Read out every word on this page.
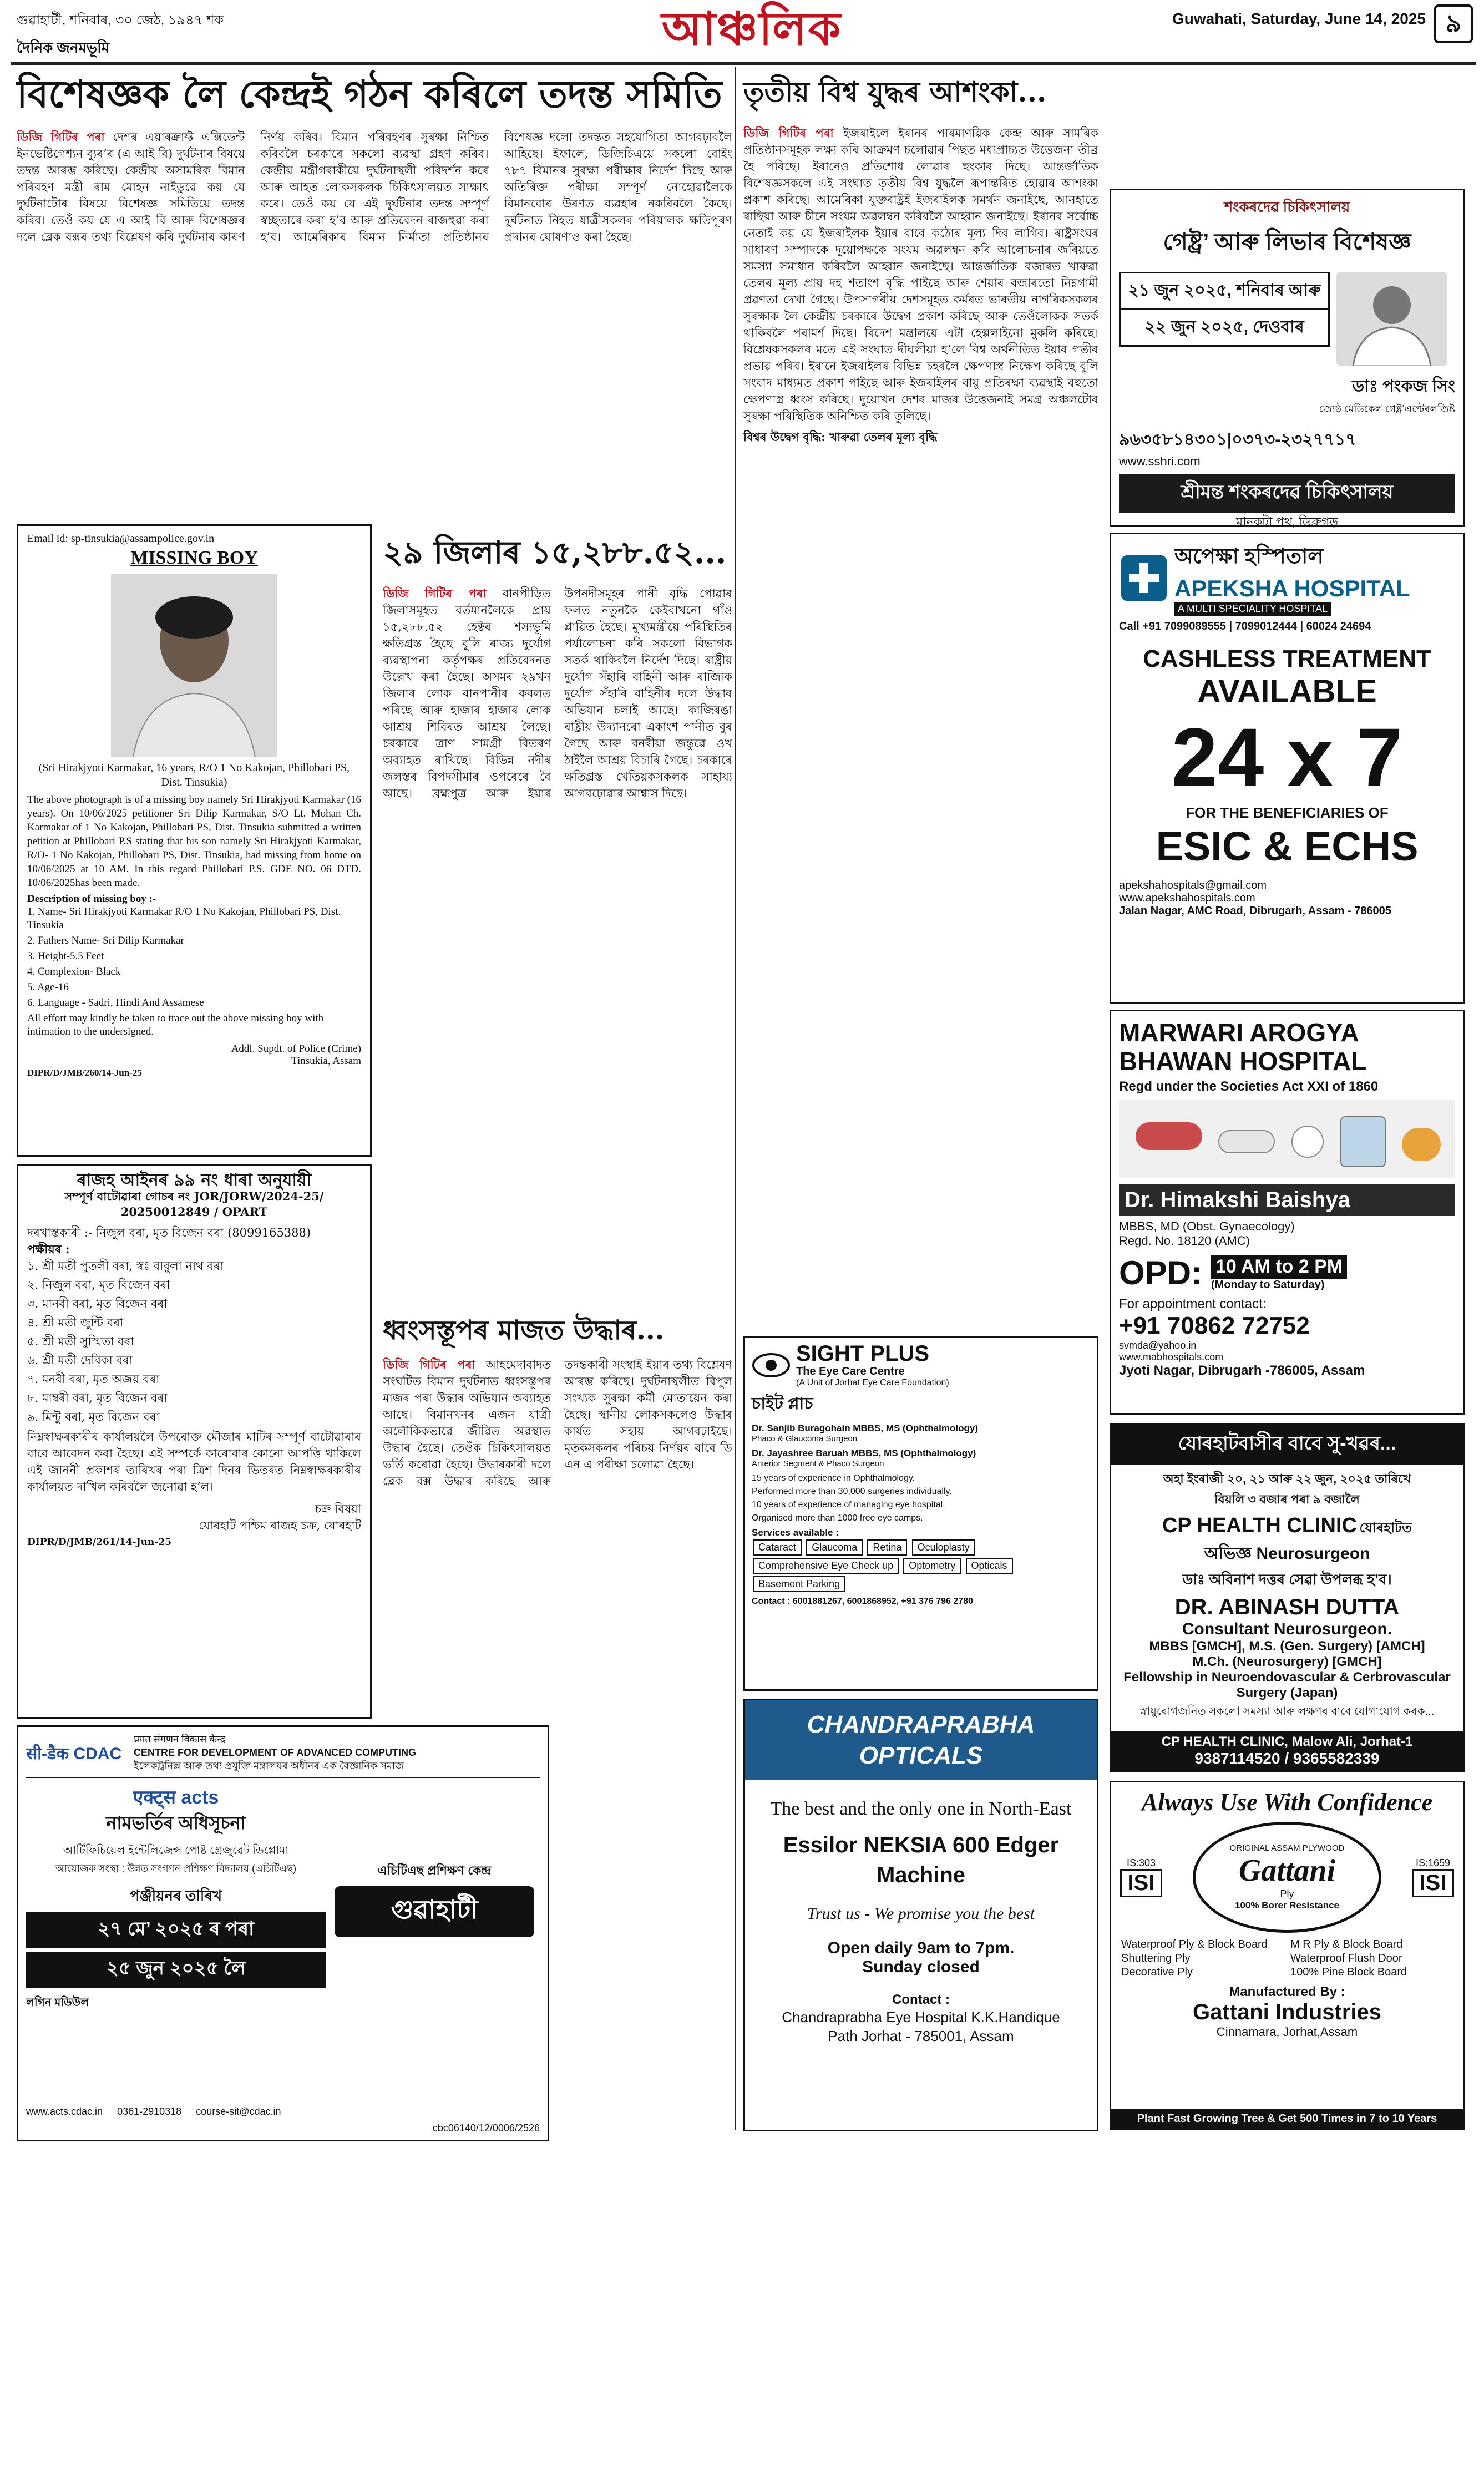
গুৱাহাটী, শনিবাৰ, ৩০ জেঠ, ১৯৪৭ শক	আঞ্চলিক	Guwahati, Saturday, June 14, 2025 ৯
দৈনিক জনমভূমি
বিশেষজ্ঞক লৈ কেন্দ্ৰই গঠন কৰিলে তদন্ত সমিতি
ডিজি গিটিৰ পৰা দেশৰ এয়াৰক্ৰাফ্ট এক্সিডেন্ট ইনভেষ্টিগেশ্যন ব্যুৰ’ৰ (এ আই বি) দুৰ্ঘটনাৰ বিষয়ে তদন্ত আৰম্ভ কৰিছে। কেন্দ্ৰীয় অসামৰিক বিমান পৰিবহণ মন্ত্ৰী ৰাম মোহন নাইডুৱে কয় যে দুৰ্ঘটনাটোৰ বিষয়ে বিশেষজ্ঞ সমিতিয়ে তদন্ত কৰিব। তেওঁ কয় যে এ আই বি আৰু বিশেষজ্ঞৰ দলে ব্লেক বক্সৰ তথ্য বিশ্লেষণ কৰি দুৰ্ঘটনাৰ কাৰণ নিৰ্ণয় কৰিব। বিমান পৰিবহণৰ সুৰক্ষা নিশ্চিত কৰিবলৈ চৰকাৰে সকলো ব্যৱস্থা গ্ৰহণ কৰিব। কেন্দ্ৰীয় মন্ত্ৰীগৰাকীয়ে দুৰ্ঘটনাস্থলী পৰিদৰ্শন কৰে আৰু আহত লোকসকলক চিকিৎসালয়ত সাক্ষাৎ কৰে। তেওঁ কয় যে এই দুৰ্ঘটনাৰ তদন্ত সম্পূৰ্ণ স্বচ্ছতাৰে কৰা হ’ব আৰু প্ৰতিবেদন ৰাজহুৱা কৰা হ’ব। আমেৰিকাৰ বিমান নিৰ্মাতা প্ৰতিষ্ঠানৰ বিশেষজ্ঞ দলো তদন্তত সহযোগিতা আগবঢ়াবলৈ আহিছে। ইফালে, ডিজিচিএয়ে সকলো বোইং ৭৮৭ বিমানৰ সুৰক্ষা পৰীক্ষাৰ নিৰ্দেশ দিছে আৰু অতিৰিক্ত পৰীক্ষা সম্পূৰ্ণ নোহোৱালৈকে বিমানবোৰ উৰণত ব্যৱহাৰ নকৰিবলৈ কৈছে। দুৰ্ঘটনাত নিহত যাত্ৰীসকলৰ পৰিয়ালক ক্ষতিপূৰণ প্ৰদানৰ ঘোষণাও কৰা হৈছে।
Email id: sp-tinsukia@assampolice.gov.in
MISSING BOY
(Sri Hirakjyoti Karmakar, 16 years, R/O 1 No Kakojan, Phillobari PS, Dist. Tinsukia)
The above photograph is of a missing boy namely Sri Hirakjyoti Karmakar (16 years). On 10/06/2025 petitioner Sri Dilip Karmakar, S/O Lt. Mohan Ch. Karmakar of 1 No Kakojan, Phillobari PS, Dist. Tinsukia submitted a written petition at Phillobari P.S stating that his son namely Sri Hirakjyoti Karmakar, R/O- 1 No Kakojan, Phillobari PS, Dist. Tinsukia, had missing from home on 10/06/2025 at 10 AM. In this regard Phillobari P.S. GDE NO. 06 DTD. 10/06/2025has been made.
Description of missing boy :-
1. Name- Sri Hirakjyoti Karmakar R/O 1 No Kakojan, Phillobari PS, Dist. Tinsukia
2. Fathers Name- Sri Dilip Karmakar
3. Height-5.5 Feet
4. Complexion- Black
5. Age-16
6. Language - Sadri, Hindi And Assamese
All effort may kindly be taken to trace out the above missing boy with intimation to the undersigned.
Addl. Supdt. of Police (Crime)
Tinsukia, Assam
DIPR/D/JMB/260/14-Jun-25
ৰাজহ আইনৰ ৯৯ নং ধাৰা অনুযায়ী
সম্পূৰ্ণ বাটোৱাৰা গোচৰ নং JOR/JORW/2024-25/ 20250012849 / OPART
দৰখাস্তকাৰী :- নিজুল বৰা, মৃত বিজেন বৰা (8099165388)
পক্ষীয়ৰ :
১. শ্ৰী মতী পুতলী বৰা, স্বঃ বাবুলা নাথ বৰা
২. নিজুল বৰা, মৃত বিজেন বৰা
৩. মানবী বৰা, মৃত বিজেন বৰা
৪. শ্ৰী মতী জুন্টি বৰা
৫. শ্ৰী মতী সুস্মিতা বৰা
৬. শ্ৰী মতী দেবিকা বৰা
৭. মনবী বৰা, মৃত অজয় বৰা
৮. মাম্বৰী বৰা, মৃত বিজেন বৰা
৯. মিন্টু বৰা, মৃত বিজেন বৰা
নিম্নস্বাক্ষৰকাৰীৰ কাৰ্যালয়লৈ উপৰোক্ত মৌজাৰ মাটিৰ সম্পূৰ্ণ বাটোৱাৰাৰ বাবে আবেদন কৰা হৈছে। এই সম্পৰ্কে কাৰোবাৰ কোনো আপত্তি থাকিলে এই জাননী প্ৰকাশৰ তাৰিখৰ পৰা ত্ৰিশ দিনৰ ভিতৰত নিম্নস্বাক্ষৰকাৰীৰ কাৰ্যালয়ত দাখিল কৰিবলৈ জনোৱা হ’ল।
চক্ৰ বিষয়া
যোৰহাট পশ্চিম ৰাজহ চক্ৰ, যোৰহাট
DIPR/D/JMB/261/14-Jun-25
২৯ জিলাৰ ১৫,২৮৮.৫২...
ডিজি গিটিৰ পৰা বানপীড়িত জিলাসমূহত বৰ্তমানলৈকে প্ৰায় ১৫,২৮৮.৫২ হেক্টৰ শস্যভূমি ক্ষতিগ্ৰস্ত হৈছে বুলি ৰাজ্য দুৰ্যোগ ব্যৱস্থাপনা কৰ্তৃপক্ষৰ প্ৰতিবেদনত উল্লেখ কৰা হৈছে। অসমৰ ২৯খন জিলাৰ লোক বানপানীৰ কবলত পৰিছে আৰু হাজাৰ হাজাৰ লোক আশ্ৰয় শিবিৰত আশ্ৰয় লৈছে। চৰকাৰে ত্ৰাণ সামগ্ৰী বিতৰণ অব্যাহত ৰাখিছে। বিভিন্ন নদীৰ জলস্তৰ বিপদসীমাৰ ওপৰেৰে বৈ আছে। ব্ৰহ্মপুত্ৰ আৰু ইয়াৰ উপনদীসমূহৰ পানী বৃদ্ধি পোৱাৰ ফলত নতুনকৈ কেইবাখনো গাঁও প্লাৱিত হৈছে। মুখ্যমন্ত্ৰীয়ে পৰিস্থিতিৰ পৰ্যালোচনা কৰি সকলো বিভাগক সতৰ্ক থাকিবলৈ নিৰ্দেশ দিছে। ৰাষ্ট্ৰীয় দুৰ্যোগ সঁহাৰি বাহিনী আৰু ৰাজ্যিক দুৰ্যোগ সঁহাৰি বাহিনীৰ দলে উদ্ধাৰ অভিযান চলাই আছে। কাজিৰঙা ৰাষ্ট্ৰীয় উদ্যানৰো একাংশ পানীত বুৰ গৈছে আৰু বনৰীয়া জন্তুৱে ওখ ঠাইলৈ আশ্ৰয় বিচাৰি গৈছে। চৰকাৰে ক্ষতিগ্ৰস্ত খেতিয়কসকলক সাহায্য আগবঢ়োৱাৰ আশ্বাস দিছে।
ধ্বংসস্তূপৰ মাজত উদ্ধাৰ...
ডিজি গিটিৰ পৰা আহমেদাবাদত সংঘটিত বিমান দুৰ্ঘটনাত ধ্বংসস্তূপৰ মাজৰ পৰা উদ্ধাৰ অভিযান অব্যাহত আছে। বিমানখনৰ এজন যাত্ৰী অলৌকিকভাৱে জীৱিত অৱস্থাত উদ্ধাৰ হৈছে। তেওঁক চিকিৎসালয়ত ভৰ্তি কৰোৱা হৈছে। উদ্ধাৰকাৰী দলে ব্লেক বক্স উদ্ধাৰ কৰিছে আৰু তদন্তকাৰী সংস্থাই ইয়াৰ তথ্য বিশ্লেষণ আৰম্ভ কৰিছে। দুৰ্ঘটনাস্থলীত বিপুল সংখ্যক সুৰক্ষা কৰ্মী মোতায়েন কৰা হৈছে। স্থানীয় লোকসকলেও উদ্ধাৰ কাৰ্যত সহায় আগবঢ়াইছে। মৃতকসকলৰ পৰিচয় নিৰ্ণয়ৰ বাবে ডি এন এ পৰীক্ষা চলোৱা হৈছে।
सी-डैक CDAC
प्रगत संगणन विकास केन्द्र
CENTRE FOR DEVELOPMENT OF ADVANCED COMPUTING
ইলেকট্ৰনিক্স আৰু তথ্য প্ৰযুক্তি মন্ত্ৰালয়ৰ অধীনৰ এক বৈজ্ঞানিক সমাজ
एक्ट्स acts
নামভৰ্তিৰ অধিসূচনা
আৰ্টিফিচিয়েল ইন্টেলিজেন্স পোষ্ট গ্ৰেজুৱেট ডিপ্লোমা
আয়োজক সংস্থা : উন্নত সংগণন প্ৰশিক্ষণ বিদ্যালয় (এচিটিএছ)
পঞ্জীয়নৰ তাৰিখ
২৭ মে’ ২০২৫ ৰ পৰা
২৫ জুন ২০২৫ লৈ
লগিন মডিউল
এচিটিএছ প্ৰশিক্ষণ কেন্দ্ৰ
গুৱাহাটী
www.acts.cdac.in 0361-2910318 course-sit@cdac.in
cbc06140/12/0006/2526
তৃতীয় বিশ্ব যুদ্ধৰ আশংকা...
ডিজি গিটিৰ পৰা ইজৰাইলে ইৰানৰ পাৰমাণৱিক কেন্দ্ৰ আৰু সামৰিক প্ৰতিষ্ঠানসমূহক লক্ষ্য কৰি আক্ৰমণ চলোৱাৰ পিছত মধ্যপ্ৰাচ্যত উত্তেজনা তীব্ৰ হৈ পৰিছে। ইৰানেও প্ৰতিশোধ লোৱাৰ হুংকাৰ দিছে। আন্তৰ্জাতিক বিশেষজ্ঞসকলে এই সংঘাত তৃতীয় বিশ্ব যুদ্ধলৈ ৰূপান্তৰিত হোৱাৰ আশংকা প্ৰকাশ কৰিছে। আমেৰিকা যুক্তৰাষ্ট্ৰই ইজৰাইলক সমৰ্থন জনাইছে, আনহাতে ৰাছিয়া আৰু চীনে সংযম অৱলম্বন কৰিবলৈ আহ্বান জনাইছে। ইৰানৰ সৰ্বোচ্চ নেতাই কয় যে ইজৰাইলক ইয়াৰ বাবে কঠোৰ মূল্য দিব লাগিব। ৰাষ্ট্ৰসংঘৰ সাধাৰণ সম্পাদকে দুয়োপক্ষকে সংযম অৱলম্বন কৰি আলোচনাৰ জৰিয়তে সমস্যা সমাধান কৰিবলৈ আহ্বান জনাইছে। আন্তৰ্জাতিক বজাৰত খাৰুৱা তেলৰ মূল্য প্ৰায় দহ শতাংশ বৃদ্ধি পাইছে আৰু শেয়াৰ বজাৰতো নিম্নগামী প্ৰৱণতা দেখা গৈছে। উপসাগৰীয় দেশসমূহত কৰ্মৰত ভাৰতীয় নাগৰিকসকলৰ সুৰক্ষাক লৈ কেন্দ্ৰীয় চৰকাৰে উদ্বেগ প্ৰকাশ কৰিছে আৰু তেওঁলোকক সতৰ্ক থাকিবলৈ পৰামৰ্শ দিছে। বিদেশ মন্ত্ৰালয়ে এটা হেল্পলাইনো মুকলি কৰিছে। বিশ্লেষকসকলৰ মতে এই সংঘাত দীঘলীয়া হ’লে বিশ্ব অৰ্থনীতিত ইয়াৰ গভীৰ প্ৰভাৱ পৰিব। ইৰানে ইজৰাইলৰ বিভিন্ন চহৰলৈ ক্ষেপণাস্ত্ৰ নিক্ষেপ কৰিছে বুলি সংবাদ মাধ্যমত প্ৰকাশ পাইছে আৰু ইজৰাইলৰ বায়ু প্ৰতিৰক্ষা ব্যৱস্থাই বহুতো ক্ষেপণাস্ত্ৰ ধ্বংস কৰিছে। দুয়োখন দেশৰ মাজৰ উত্তেজনাই সমগ্ৰ অঞ্চলটোৰ সুৰক্ষা পৰিস্থিতিক অনিশ্চিত কৰি তুলিছে।
বিশ্বৰ উদ্বেগ বৃদ্ধি: খাৰুৱা তেলৰ মূল্য বৃদ্ধি
SIGHT PLUS
The Eye Care Centre
(A Unit of Jorhat Eye Care Foundation)
চাইট প্লাচ
Dr. Sanjib Buragohain MBBS, MS (Ophthalmology)
Phaco & Glaucoma Surgeon
Dr. Jayashree Baruah MBBS, MS (Ophthalmology)
Anterior Segment & Phaco Surgeon
15 years of experience in Ophthalmology.
Performed more than 30,000 surgeries individually.
10 years of experience of managing eye hospital.
Organised more than 1000 free eye camps.
Services available :
Cataract Glaucoma Retina Oculoplasty Comprehensive Eye Check up Optometry Opticals Basement Parking
Contact : 6001881267, 6001868952, +91 376 796 2780
CHANDRAPRABHA OPTICALS
The best and the only one in North-East
Essilor NEKSIA 600 Edger Machine
Trust us - We promise you the best
Open daily 9am to 7pm.
Sunday closed
Contact :
Chandraprabha Eye Hospital K.K.Handique Path Jorhat - 785001, Assam
শংকৰদেৱ চিকিৎসালয়
গেষ্ট্ৰ’ আৰু লিভাৰ বিশেষজ্ঞ
২১ জুন ২০২৫, শনিবাৰ আৰু
২২ জুন ২০২৫, দেওবাৰ
ডাঃ পংকজ সিং
জ্যেষ্ঠ মেডিকেল গেষ্ট্ৰ’এণ্টেৰলজিষ্ট
৯৬৩৫৮১৪৩০১|০৩৭৩-২৩২৭৭১৭
www.sshri.com
শ্ৰীমন্ত শংকৰদেৱ চিকিৎসালয়
মানকটা পথ, ডিব্ৰুগড়
অপেক্ষা হস্পিতাল
APEKSHA HOSPITAL
A MULTI SPECIALITY HOSPITAL
Call +91 7099089555 | 7099012444 | 60024 24694
CASHLESS TREATMENT
AVAILABLE
24 x 7
FOR THE BENEFICIARIES OF
ESIC & ECHS
apekshahospitals@gmail.com
www.apekshahospitals.com
Jalan Nagar, AMC Road, Dibrugarh, Assam - 786005
MARWARI AROGYA
BHAWAN HOSPITAL
Regd under the Societies Act XXI of 1860
Dr. Himakshi Baishya
MBBS, MD (Obst. Gynaecology)
Regd. No. 18120 (AMC)
OPD: 10 AM to 2 PM
(Monday to Saturday)
For appointment contact:
+91 70862 72752
svmda@yahoo.in
www.mabhospitals.com
Jyoti Nagar, Dibrugarh -786005, Assam
যোৰহাটবাসীৰ বাবে সু-খৱৰ...
অহা ইংৰাজী ২০, ২১ আৰু ২২ জুন, ২০২৫ তাৰিখে
বিয়লি ৩ বজাৰ পৰা ৯ বজালৈ
CP HEALTH CLINIC যোৰহাটত
অভিজ্ঞ Neurosurgeon
ডাঃ অবিনাশ দত্তৰ সেৱা উপলব্ধ হ’ব।
DR. ABINASH DUTTA
Consultant Neurosurgeon.
MBBS [GMCH], M.S. (Gen. Surgery) [AMCH]
M.Ch. (Neurosurgery) [GMCH]
Fellowship in Neuroendovascular & Cerbrovascular Surgery (Japan)
স্নায়ুৰোগজনিত সকলো সমস্যা আৰু লক্ষণৰ বাবে যোগাযোগ কৰক...
CP HEALTH CLINIC, Malow Ali, Jorhat-1
9387114520 / 9365582339
Always Use With Confidence
IS:303
ISI
ORIGINAL ASSAM PLYWOOD
Gattani
Ply
100% Borer Resistance
IS:1659
ISI
Waterproof Ply & Block Board	M R Ply & Block Board
Shuttering Ply	Waterproof Flush Door
Decorative Ply	100% Pine Block Board
Manufactured By :
Gattani Industries
Cinnamara, Jorhat,Assam
Plant Fast Growing Tree & Get 500 Times in 7 to 10 Years
